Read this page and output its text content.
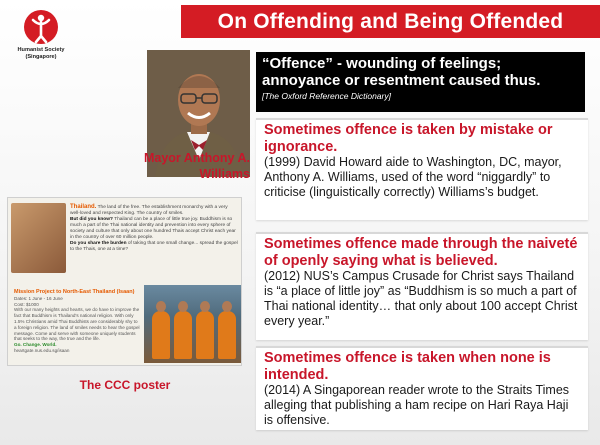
Humanist Society
(Singapore)
On Offending and Being Offended
Mayor Anthony A.
Williams
“Offence” - wounding of feelings; annoyance or resentment caused thus.
[The Oxford Reference Dictionary]
Sometimes offence is taken by mistake or ignorance.
(1999) David Howard aide to Washington, DC, mayor, Anthony A. Williams, used of the word “niggardly” to criticise (linguistically correctly) Williams’s budget.
Sometimes offence made through the naiveté of openly saying what is believed.
(2012) NUS’s Campus Crusade for Christ says Thailand is “a place of little joy” as “Buddhism is so much a part of Thai national identity… that only about 100 accept Christ every year.”
Sometimes offence is taken when none is intended.
(2014) A Singaporean reader wrote to the Straits Times alleging that publishing a ham recipe on Hari Raya Haji is offensive.
Thailand. The land of the free. The establishment monarchy with a very well-loved and respected King. The country of smiles.
But did you know? Thailand can be a place of little true joy. Buddhism is so much a part of the Thai national identity and prevention into every sphere of society and culture that only about one hundred Thais accept Christ each year in the country of over 60 million people.
Do you share the burden of taking that one small change... spread the gospel to the Thais, one at a time?
Mission Project to North-East Thailand (Isaan)
Dates: 1 June - 16 June
Cost: $1000
With our many heights and hearts, we do have to improve the fact that Buddhism is Thailand's national religion. With only 1.5% Christians amid Thai Buddhists are considerably shy to a foreign religion. The land of smiles needs to hear the gospel message. Come and serve with someone uniquely students that seeks to the way, the true and the life.
Go. Change. World.
heartgate.nus.edu.sg/isaan
The CCC poster
